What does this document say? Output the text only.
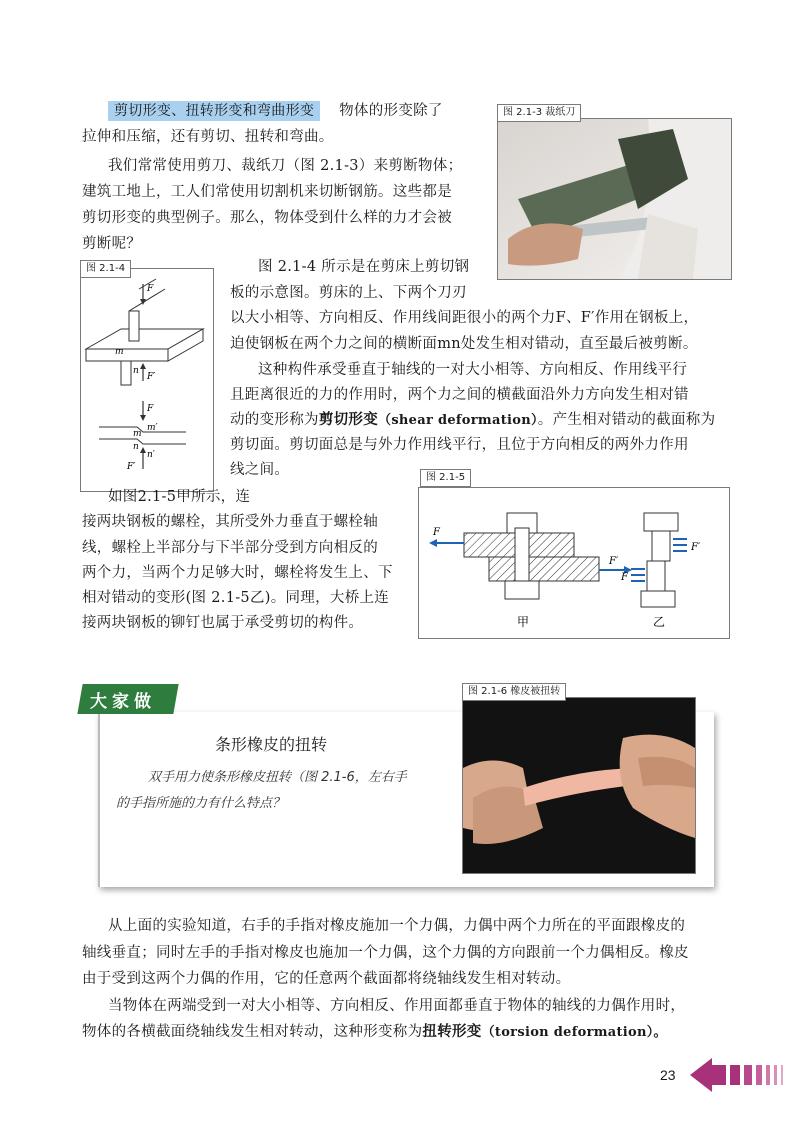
剪切形变、扭转形变和弯曲形变 物体的形变除了
拉伸和压缩，还有剪切、扭转和弯曲。
我们常常使用剪刀、裁纸刀（图 2.1-3）来剪断物体；
建筑工地上，工人们常使用切割机来切断钢筋。这些都是
剪切形变的典型例子。那么，物体受到什么样的力才会被
剪断呢？
图 2.1-3 裁纸刀
F
m
n
F′
F
m
m′
n
n′
F′
图 2.1-4	图 2.1-4 所示是在剪床上剪切钢
板的示意图。剪床的上、下两个刀刃
以大小相等、方向相反、作用线间距很小的两个力F、F′作用在钢板上，
迫使钢板在两个力之间的横断面mn处发生相对错动，直至最后被剪断。
这种构件承受垂直于轴线的一对大小相等、方向相反、作用线平行
且距离很近的力的作用时，两个力之间的横截面沿外力方向发生相对错
动的变形称为剪切形变（shear deformation）。产生相对错动的截面称为
剪切面。剪切面总是与外力作用线平行，且位于方向相反的两外力作用
线之间。
F
F′
F′
F
甲	乙
图 2.1-5
如图2.1-5甲所示，连
接两块钢板的螺栓，其所受外力垂直于螺栓轴
线，螺栓上半部分与下半部分受到方向相反的
两个力，当两个力足够大时，螺栓将发生上、下
相对错动的变形(图 2.1-5乙)。同理，大桥上连
接两块钢板的铆钉也属于承受剪切的构件。
大家做
条形橡皮的扭转
双手用力使条形橡皮扭转（图 2.1-6，左右手
的手指所施的力有什么特点？
图 2.1-6 橡皮被扭转
从上面的实验知道，右手的手指对橡皮施加一个力偶，力偶中两个力所在的平面跟橡皮的
轴线垂直；同时左手的手指对橡皮也施加一个力偶，这个力偶的方向跟前一个力偶相反。橡皮
由于受到这两个力偶的作用，它的任意两个截面都将绕轴线发生相对转动。
当物体在两端受到一对大小相等、方向相反、作用面都垂直于物体的轴线的力偶作用时，
物体的各横截面绕轴线发生相对转动，这种形变称为扭转形变（torsion deformation）。
23
